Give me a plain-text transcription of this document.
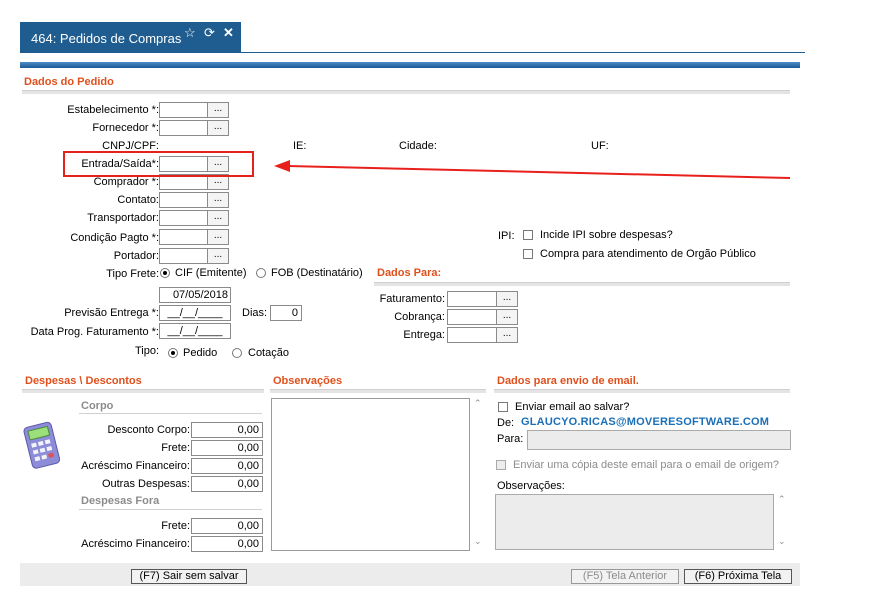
464: Pedidos de Compras ☆ ⟳ ✕
Dados do Pedido
Estabelecimento *:	...
Fornecedor *:	...
CNPJ/CPF:	IE:	Cidade:	UF:
Entrada/Saída*:	...
Comprador *:	...
Contato:	...
Transportador:	...
Condição Pagto *:	...
Portador:	...
Tipo Frete: CIF (Emitente) FOB (Destinatário)
07/05/2018
Previsão Entrega *: __/__/____	Dias:	0
Data Prog. Faturamento *: __/__/____
Tipo: Pedido	Cotação
IPI: Incide IPI sobre despesas?
Compra para atendimento de Orgão Público
Dados Para:
Faturamento:	...
Cobrança:	...
Entrega:	...
Despesas \ Descontos
Corpo
Desconto Corpo:	0,00
Frete:	0,00
Acréscimo Financeiro:	0,00
Outras Despesas:	0,00
Despesas Fora
Frete:	0,00
Acréscimo Financeiro:	0,00
Observações
⌃
⌄
Dados para envio de email.
Enviar email ao salvar?
De: GLAUCYO.RICAS@MOVERESOFTWARE.COM
Para:
Enviar uma cópia deste email para o email de origem?
Observações:
⌃
⌄
(F7) Sair sem salvar	(F5) Tela Anterior	(F6) Próxima Tela
